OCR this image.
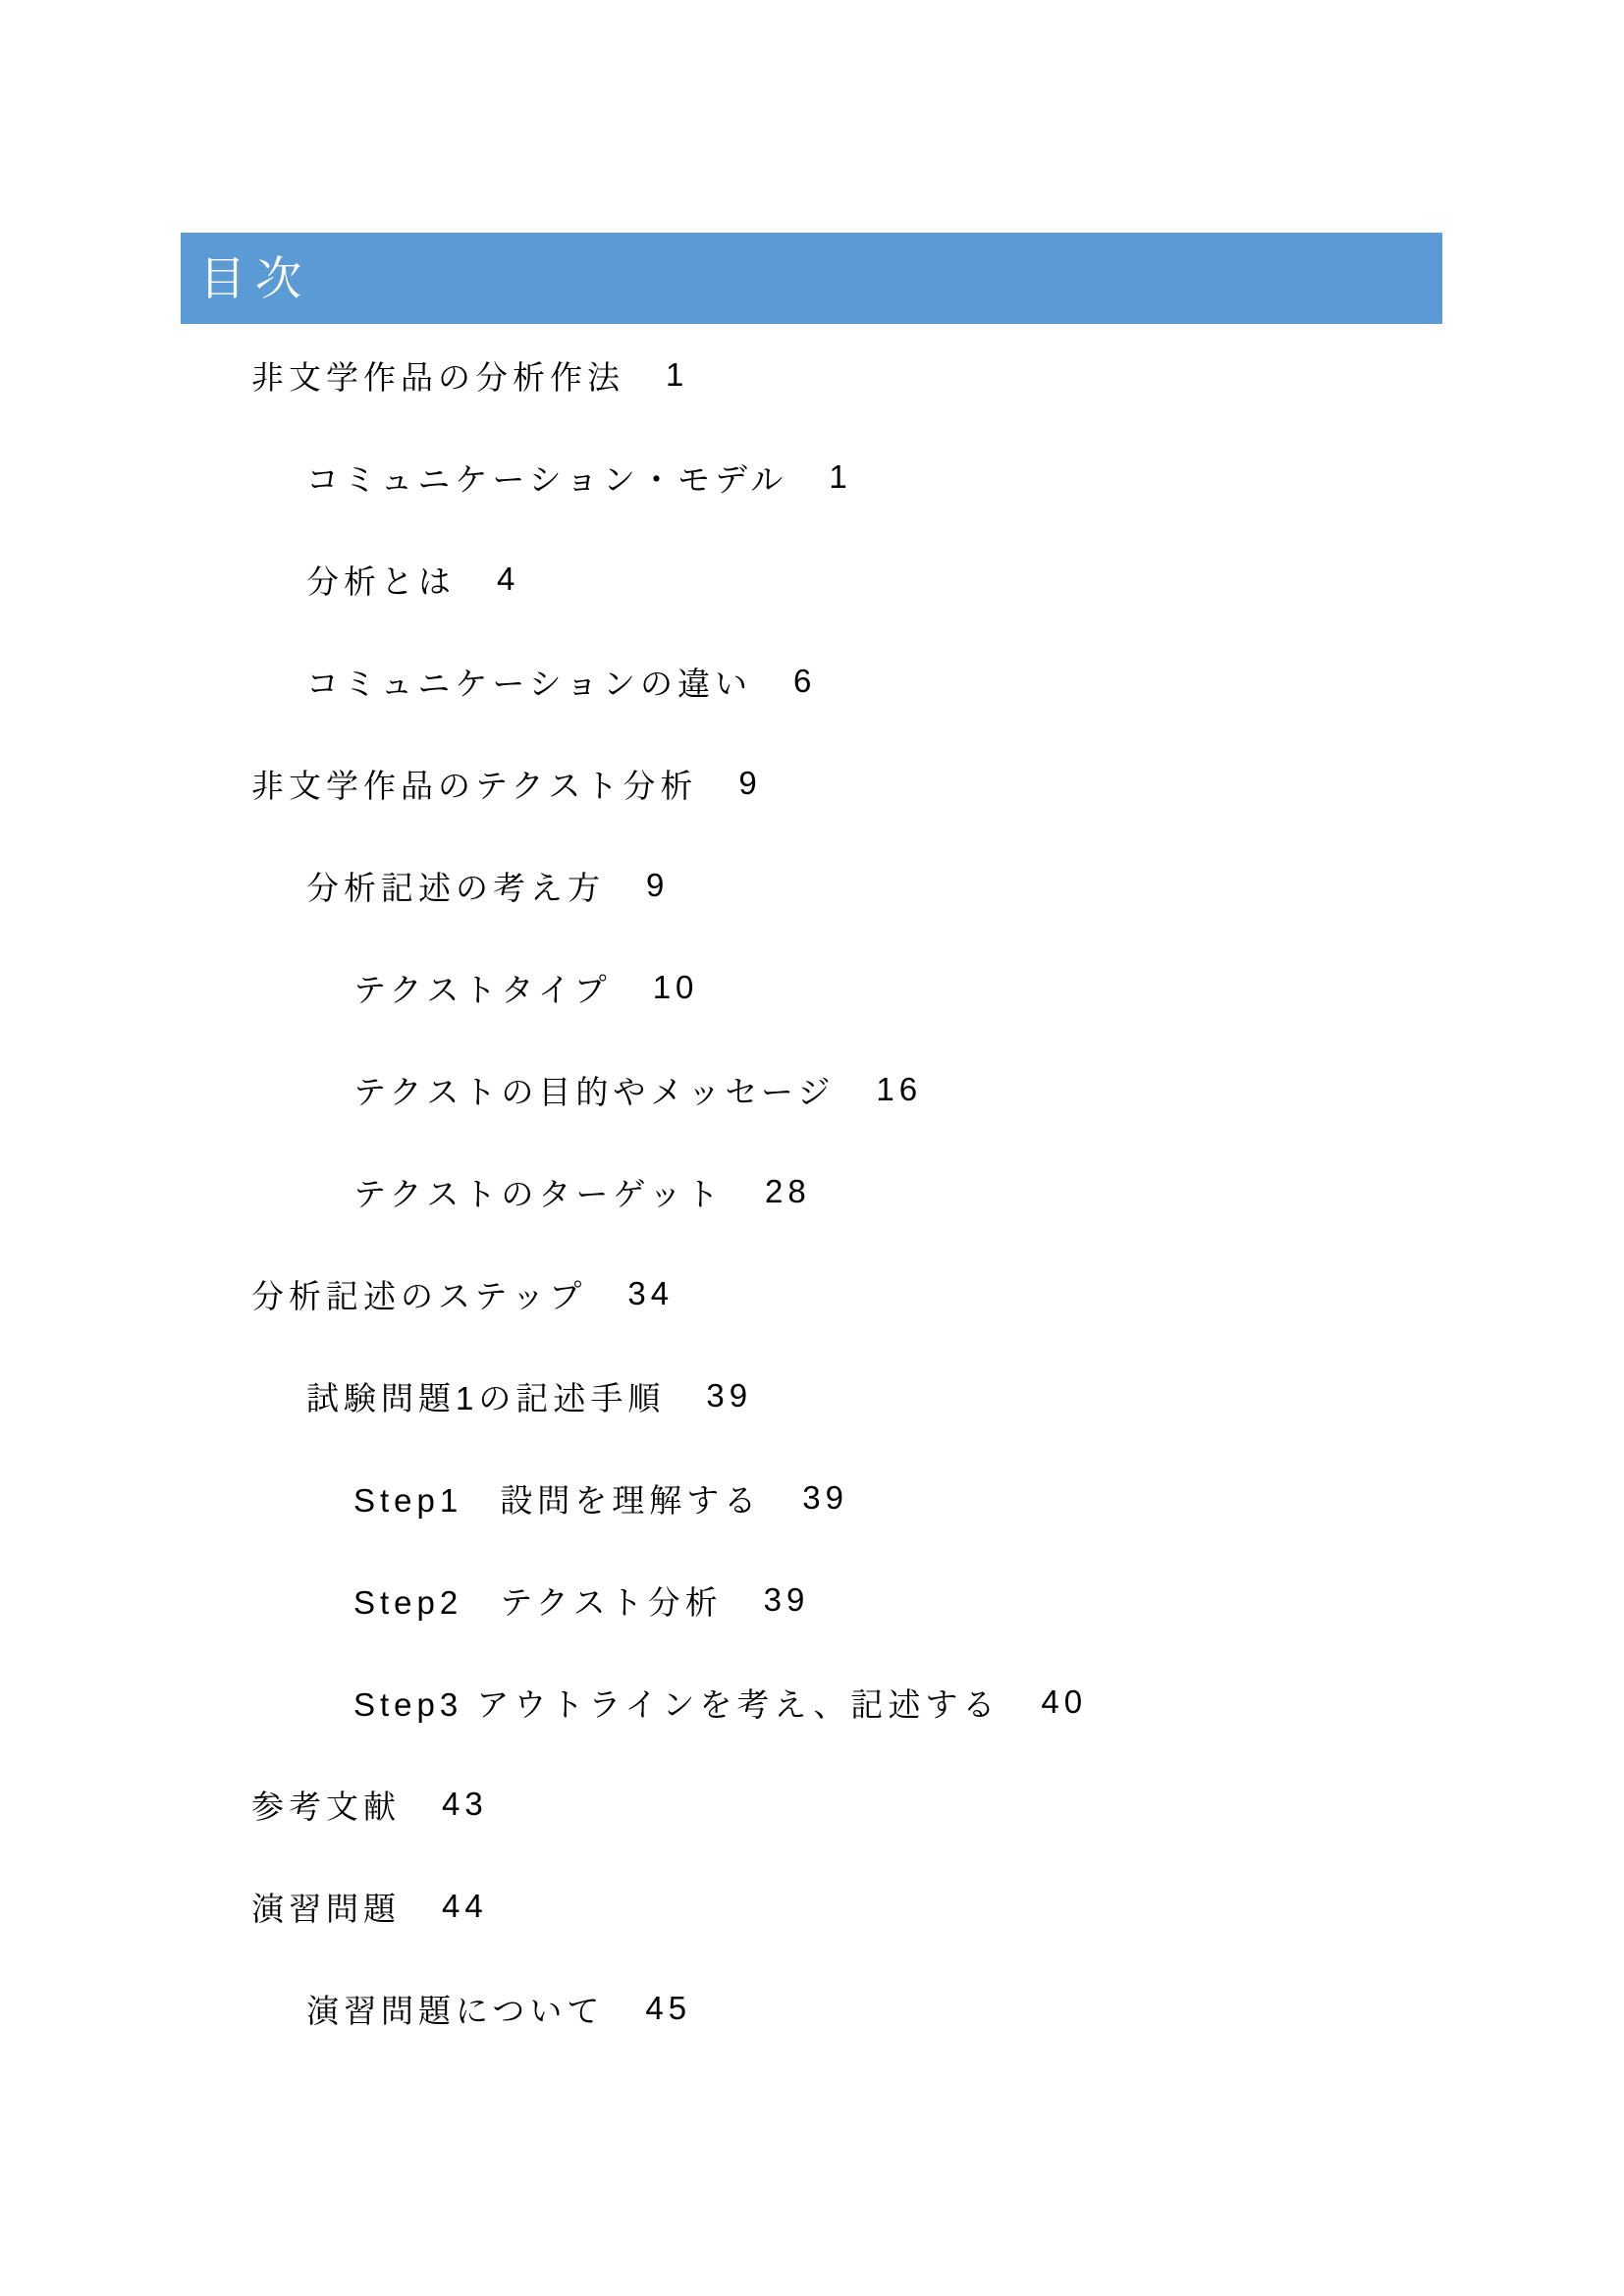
目次
非文学作品の分析作法 1
コミュニケーション・モデル 1
分析とは 4
コミュニケーションの違い 6
非文学作品のテクスト分析 9
分析記述の考え方 9
テクストタイプ 10
テクストの目的やメッセージ 16
テクストのターゲット 28
分析記述のステップ 34
試験問題1の記述手順 39
Step1　設問を理解する 39
Step2　テクスト分析 39
Step3 アウトラインを考え、記述する 40
参考文献 43
演習問題 44
演習問題について 45
